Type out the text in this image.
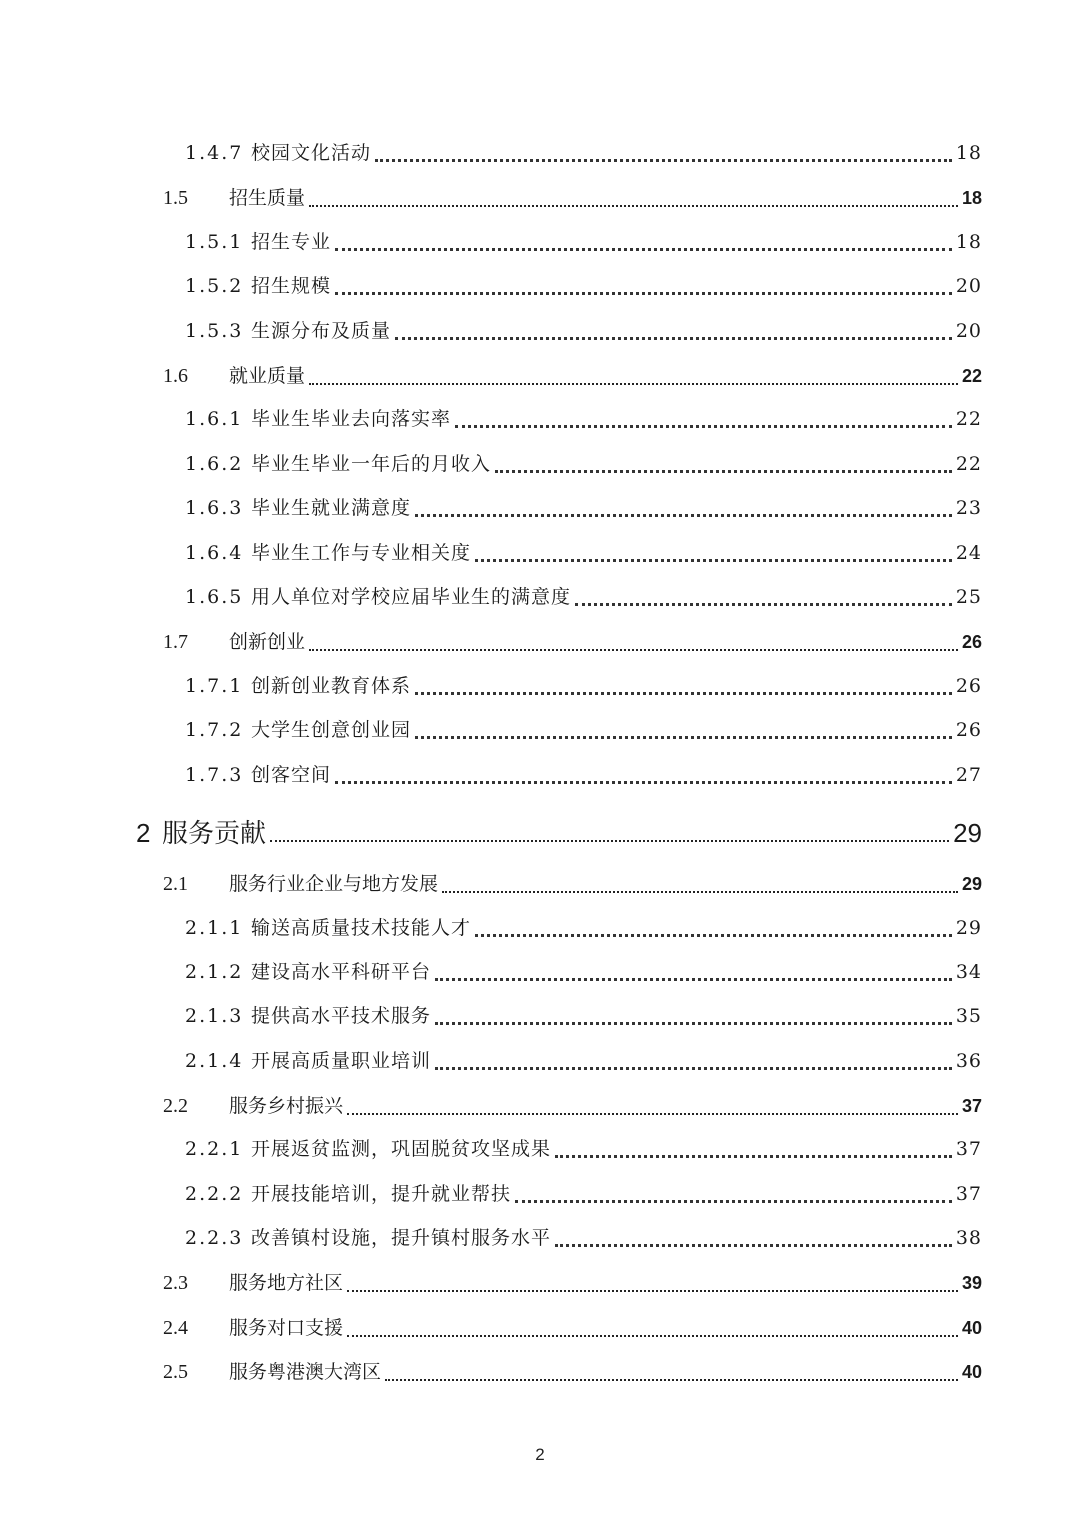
1.4.7 校园文化活动	18
1.5	招生质量	18
1.5.1 招生专业	18
1.5.2 招生规模	20
1.5.3 生源分布及质量	20
1.6	就业质量	22
1.6.1 毕业生毕业去向落实率	22
1.6.2 毕业生毕业一年后的月收入	22
1.6.3 毕业生就业满意度	23
1.6.4 毕业生工作与专业相关度	24
1.6.5 用人单位对学校应届毕业生的满意度	25
1.7	创新创业	26
1.7.1 创新创业教育体系	26
1.7.2 大学生创意创业园	26
1.7.3 创客空间	27
2 服务贡献	29
2.1	服务行业企业与地方发展	29
2.1.1 输送高质量技术技能人才	29
2.1.2 建设高水平科研平台	34
2.1.3 提供高水平技术服务	35
2.1.4 开展高质量职业培训	36
2.2	服务乡村振兴	37
2.2.1 开展返贫监测，巩固脱贫攻坚成果	37
2.2.2 开展技能培训，提升就业帮扶	37
2.2.3 改善镇村设施，提升镇村服务水平	38
2.3	服务地方社区	39
2.4	服务对口支援	40
2.5	服务粤港澳大湾区	40
2
